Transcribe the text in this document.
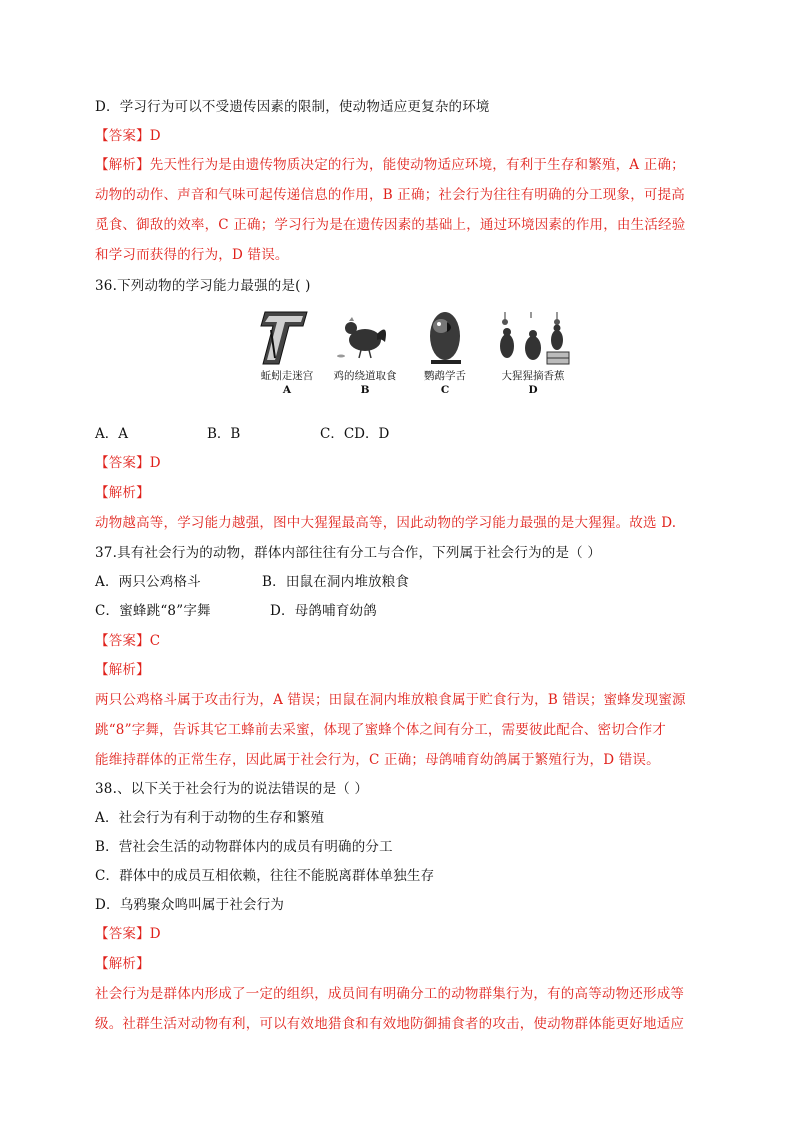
D．学习行为可以不受遗传因素的限制，使动物适应更复杂的环境
【答案】D
【解析】先天性行为是由遗传物质决定的行为，能使动物适应环境，有利于生存和繁殖，A 正确；
动物的动作、声音和气味可起传递信息的作用，B 正确；社会行为往往有明确的分工现象，可提高
觅食、御敌的效率，C 正确；学习行为是在遗传因素的基础上，通过环境因素的作用，由生活经验
和学习而获得的行为，D 错误。
36.下列动物的学习能力最强的是( )
蚯蚓走迷宫
A
鸡的绕道取食
B
鹦鹉学舌
C
大猩猩摘香蕉
D
A．A	B．B	C．CD．D
【答案】D
【解析】
动物越高等，学习能力越强，图中大猩猩最高等，因此动物的学习能力最强的是大猩猩。故选 D.
37.具有社会行为的动物，群体内部往往有分工与合作，下列属于社会行为的是（ ）
A．两只公鸡格斗	B．田鼠在洞内堆放粮食
C．蜜蜂跳“8”字舞	D．母鸽哺育幼鸽
【答案】C
【解析】
两只公鸡格斗属于攻击行为，A 错误；田鼠在洞内堆放粮食属于贮食行为，B 错误；蜜蜂发现蜜源
跳“8”字舞，告诉其它工蜂前去采蜜，体现了蜜蜂个体之间有分工，需要彼此配合、密切合作才
能维持群体的正常生存，因此属于社会行为，C 正确；母鸽哺育幼鸽属于繁殖行为，D 错误。
38.、以下关于社会行为的说法错误的是（ ）
A．社会行为有利于动物的生存和繁殖
B．营社会生活的动物群体内的成员有明确的分工
C．群体中的成员互相依赖，往往不能脱离群体单独生存
D．乌鸦聚众鸣叫属于社会行为
【答案】D
【解析】
社会行为是群体内形成了一定的组织，成员间有明确分工的动物群集行为，有的高等动物还形成等
级。社群生活对动物有利，可以有效地猎食和有效地防御捕食者的攻击，使动物群体能更好地适应
